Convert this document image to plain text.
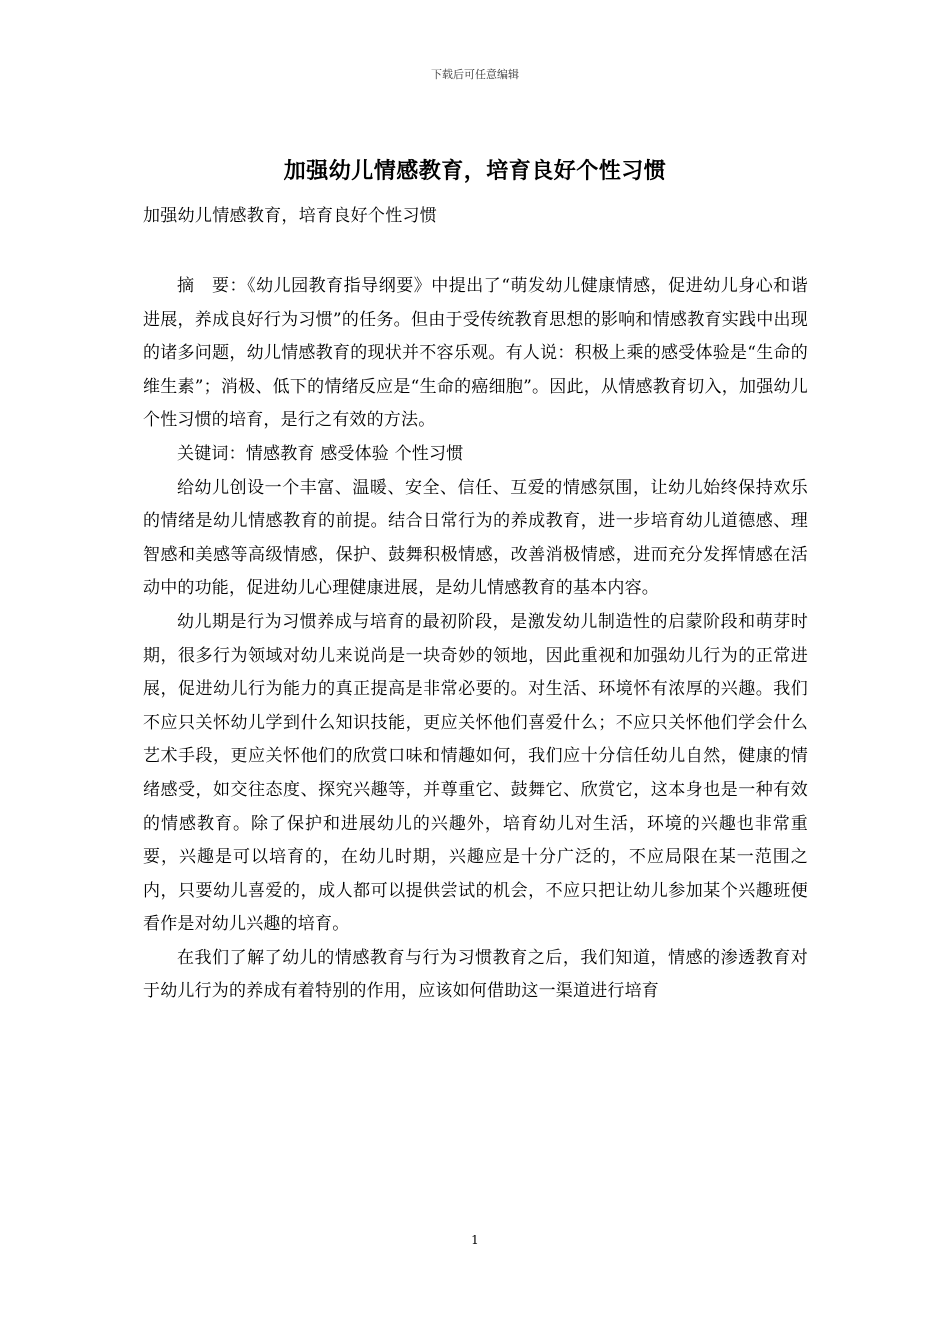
下载后可任意编辑
加强幼儿情感教育，培育良好个性习惯
加强幼儿情感教育，培育良好个性习惯

摘　要：《幼儿园教育指导纲要》中提出了“萌发幼儿健康情感，促进幼儿身心和谐进展，养成良好行为习惯”的任务。但由于受传统教育思想的影响和情感教育实践中出现的诸多问题，幼儿情感教育的现状并不容乐观。有人说：积极上乘的感受体验是“生命的维生素”；消极、低下的情绪反应是“生命的癌细胞”。因此，从情感教育切入，加强幼儿个性习惯的培育，是行之有效的方法。

关键词：情感教育 感受体验 个性习惯

给幼儿创设一个丰富、温暖、安全、信任、互爱的情感氛围，让幼儿始终保持欢乐的情绪是幼儿情感教育的前提。结合日常行为的养成教育，进一步培育幼儿道德感、理智感和美感等高级情感，保护、鼓舞积极情感，改善消极情感，进而充分发挥情感在活动中的功能，促进幼儿心理健康进展，是幼儿情感教育的基本内容。

幼儿期是行为习惯养成与培育的最初阶段，是激发幼儿制造性的启蒙阶段和萌芽时期，很多行为领域对幼儿来说尚是一块奇妙的领地，因此重视和加强幼儿行为的正常进展，促进幼儿行为能力的真正提高是非常必要的。对生活、环境怀有浓厚的兴趣。我们不应只关怀幼儿学到什么知识技能，更应关怀他们喜爱什么；不应只关怀他们学会什么艺术手段，更应关怀他们的欣赏口味和情趣如何，我们应十分信任幼儿自然，健康的情绪感受，如交往态度、探究兴趣等，并尊重它、鼓舞它、欣赏它，这本身也是一种有效的情感教育。除了保护和进展幼儿的兴趣外，培育幼儿对生活，环境的兴趣也非常重要，兴趣是可以培育的，在幼儿时期，兴趣应是十分广泛的，不应局限在某一范围之内，只要幼儿喜爱的，成人都可以提供尝试的机会，不应只把让幼儿参加某个兴趣班便看作是对幼儿兴趣的培育。

在我们了解了幼儿的情感教育与行为习惯教育之后，我们知道，情感的渗透教育对于幼儿行为的养成有着特别的作用，应该如何借助这一渠道进行培育

1
